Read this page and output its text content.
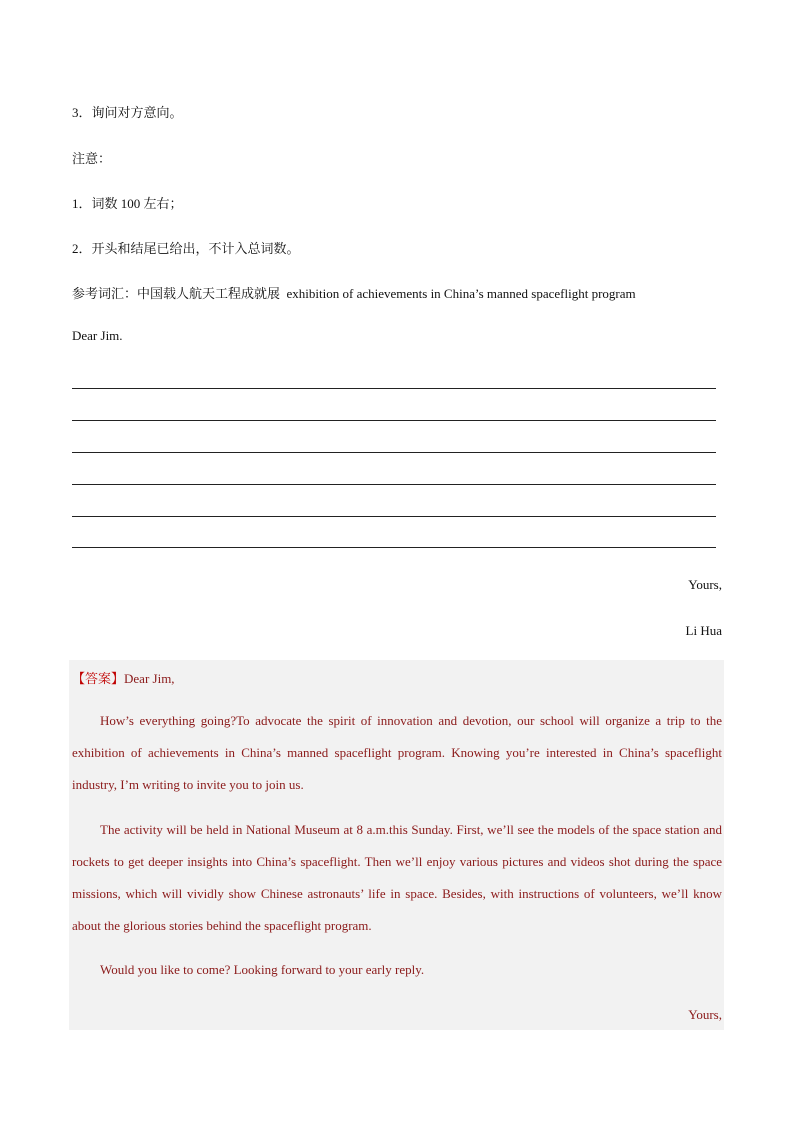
3．询问对方意向。
注意：
1．词数 100 左右；
2．开头和结尾已给出，不计入总词数。
参考词汇：中国载人航天工程成就展 exhibition of achievements in China’s manned spaceflight program
Dear Jim.
Yours,
Li Hua
【答案】Dear Jim,
How’s everything going?To advocate the spirit of innovation and devotion, our school will organize a trip to the exhibition of achievements in China’s manned spaceflight program. Knowing you’re interested in China’s spaceflight industry, I’m writing to invite you to join us.
The activity will be held in National Museum at 8 a.m.this Sunday. First, we’ll see the models of the space station and rockets to get deeper insights into China’s spaceflight. Then we’ll enjoy various pictures and videos shot during the space missions, which will vividly show Chinese astronauts’ life in space. Besides, with instructions of volunteers, we’ll know about the glorious stories behind the spaceflight program.
Would you like to come? Looking forward to your early reply.
Yours,
